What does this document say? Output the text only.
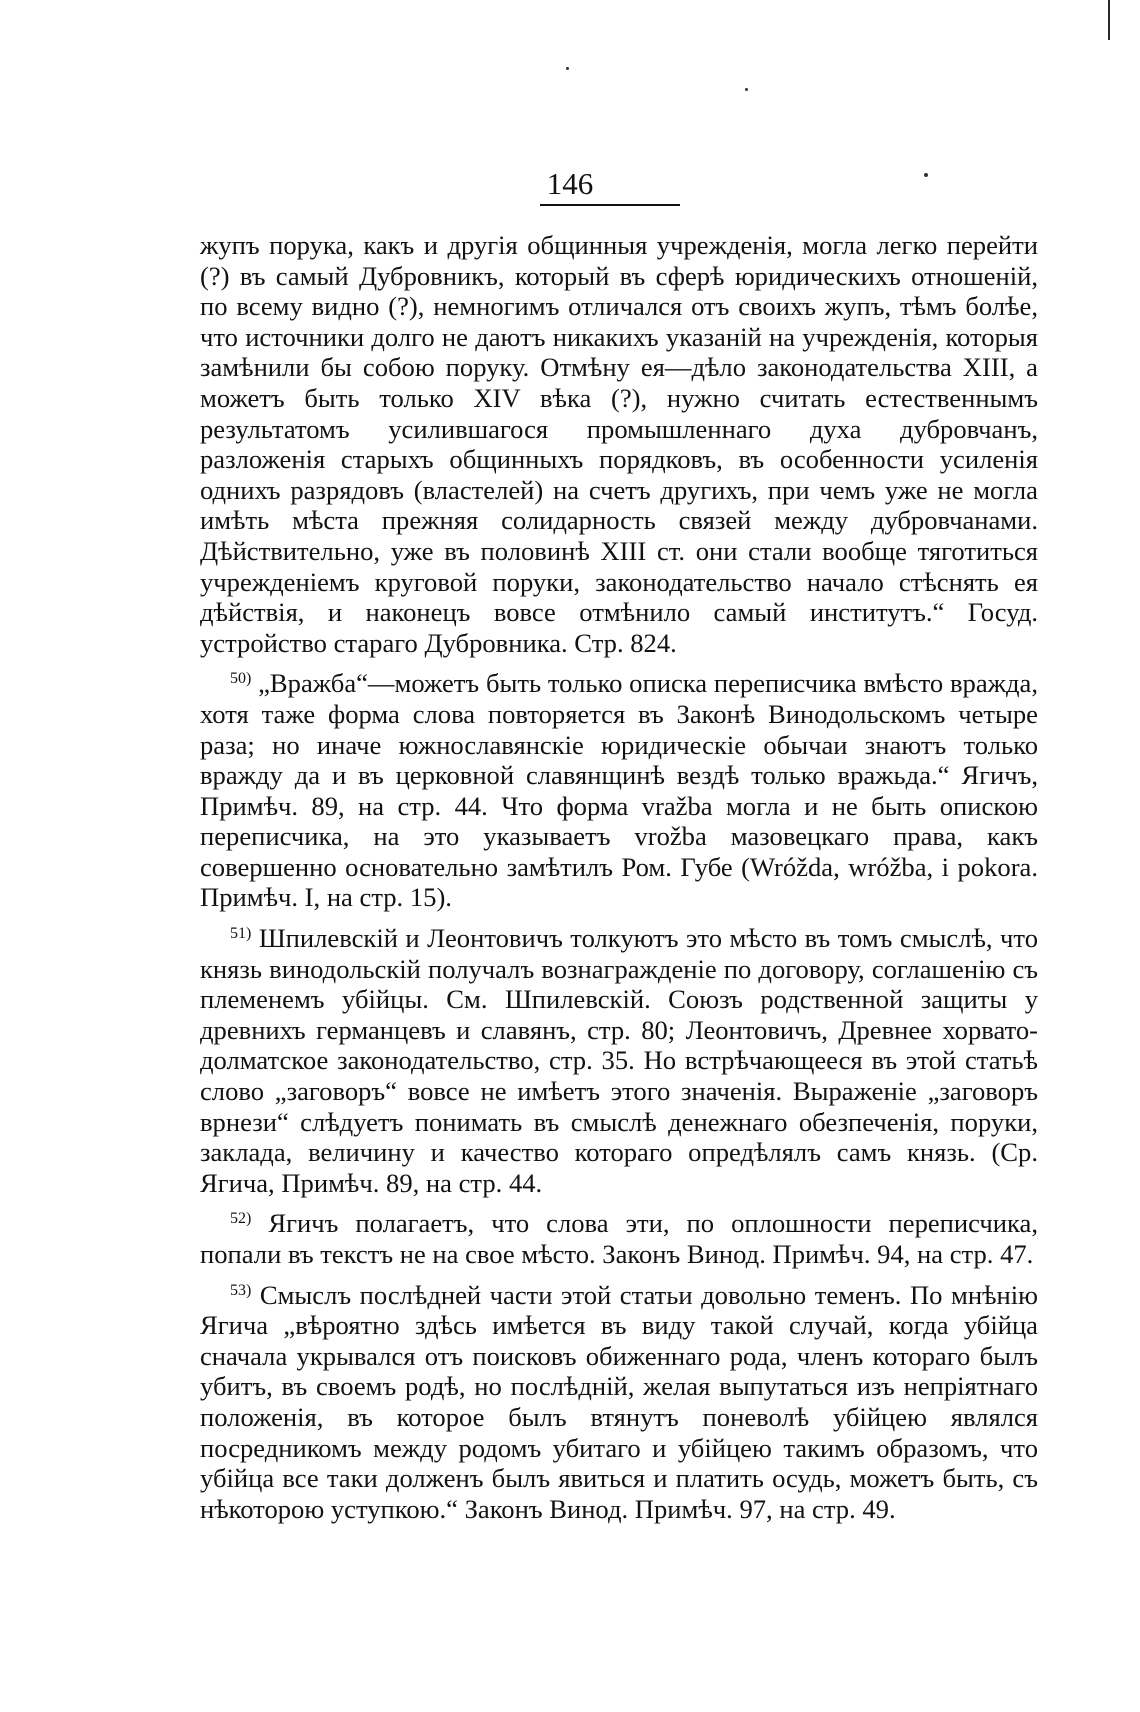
146

жупъ порука, какъ и другія общинныя учрежденія, могла легко перейти (?) въ самый Дубровникъ, который въ сферѣ юридическихъ отношеній, по всему видно (?), немногимъ отличался отъ своихъ жупъ, тѣмъ болѣе, что источники долго не даютъ никакихъ указаній на учрежденія, которыя замѣнили бы собою поруку. Отмѣну ея—дѣло законодательства XIII, а можетъ быть только XIV вѣка (?), нужно считать естественнымъ результатомъ усилившагося промышленнаго духа дубровчанъ, разложенія старыхъ общинныхъ порядковъ, въ особенности усиленія однихъ разрядовъ (властелей) на счетъ другихъ, при чемъ уже не могла имѣть мѣста прежняя солидарность связей между дубровчанами. Дѣйствительно, уже въ половинѣ XIII ст. они стали вообще тяготиться учрежденіемъ круговой поруки, законодательство начало стѣснять ея дѣйствія, и наконецъ вовсе отмѣнило самый институтъ.“ Госуд. устройство стараго Дубровника. Стр. 824.

$^{50)}$ „Вражба“—можетъ быть только описка переписчика вмѣсто вражда, хотя таже форма слова повторяется въ Законѣ Винодольскомъ четыре раза; но иначе южнославянскіе юридическіе обычаи знаютъ только вражду да и въ церковной славянщинѣ вездѣ только вражьда.“ Ягичъ, Примѣч. 89, на стр. 44. Что форма vražba могла и не быть опискою переписчика, на это указываетъ vrožba мазовецкаго права, какъ совершенно основательно замѣтилъ Ром. Губе (Wróžda, wróžba, i pokora. Примѣч. I, на стр. 15).

$^{51)}$ Шпилевскій и Леонтовичъ толкуютъ это мѣсто въ томъ смыслѣ, что князь винодольскій получалъ вознагражденіе по договору, соглашенію съ племенемъ убійцы. См. Шпилевскій. Союзъ родственной защиты у древнихъ германцевъ и славянъ, стр. 80; Леонтовичъ, Древнее хорвато-долматское законодательство, стр. 35. Но встрѣчающееся въ этой статьѣ слово „заговоръ“ вовсе не имѣетъ этого значенія. Выраженіе „заговоръ врнези“ слѣдуетъ понимать въ смыслѣ денежнаго обезпеченія, поруки, заклада, величину и качество котораго опредѣлялъ самъ князь. (Ср. Ягича, Примѣч. 89, на стр. 44.

$^{52)}$ Ягичъ полагаетъ, что слова эти, по оплошности переписчика, попали въ текстъ не на свое мѣсто. Законъ Винод. Примѣч. 94, на стр. 47.

$^{53)}$ Смыслъ послѣдней части этой статьи довольно теменъ. По мнѣнію Ягича „вѣроятно здѣсь имѣется въ виду такой случай, когда убійца сначала укрывался отъ поисковъ обиженнаго рода, членъ котораго былъ убитъ, въ своемъ родѣ, но послѣдній, желая выпутаться изъ непріятнаго положенія, въ которое былъ втянутъ поневолѣ убійцею являлся посредникомъ между родомъ убитаго и убійцею такимъ образомъ, что убійца все таки долженъ былъ явиться и платить осудь, можетъ быть, съ нѣкоторою уступкою.“ Законъ Винод. Примѣч. 97, на стр. 49.
